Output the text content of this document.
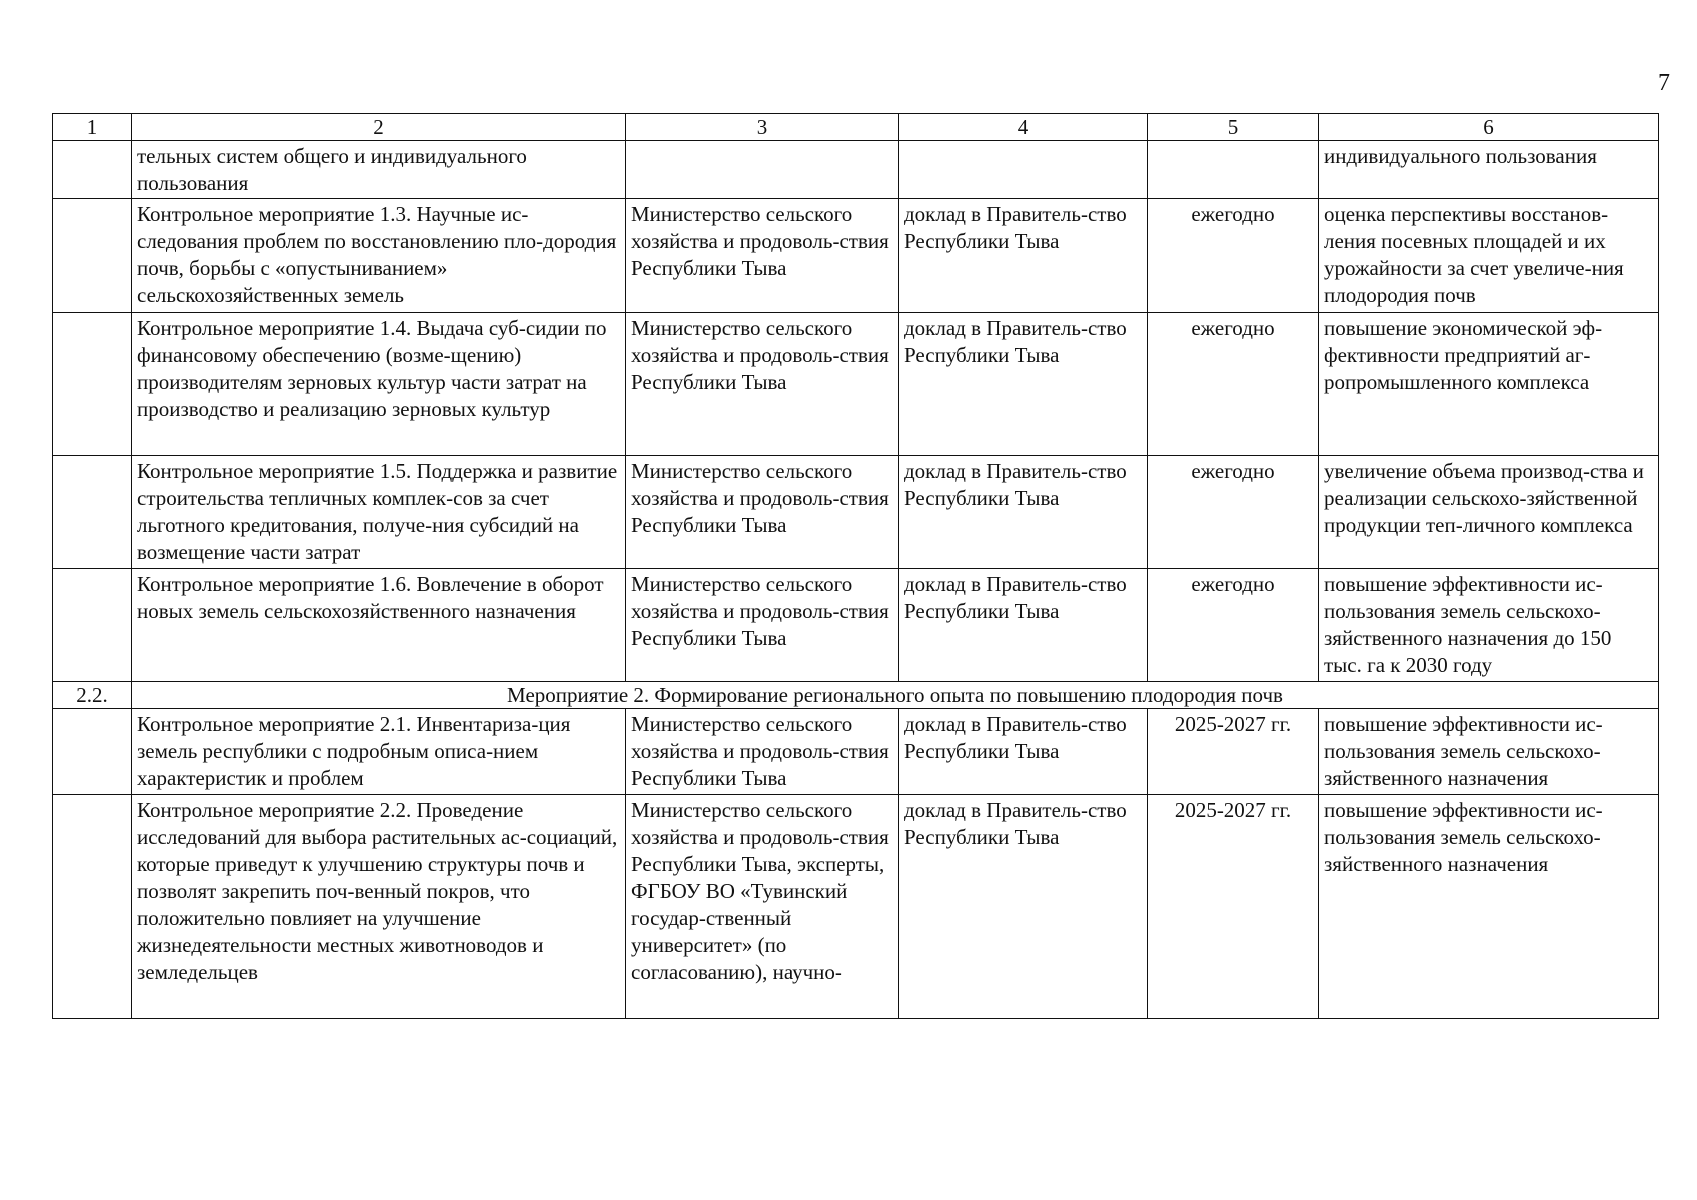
7
1	2	3	4	5	6
	тельных систем общего и индивидуального пользования				индивидуального пользования
	Контрольное мероприятие 1.3. Научные ис-следования проблем по восстановлению пло-дородия почв, борьбы с «опустыниванием» сельскохозяйственных земель	Министерство сельского хозяйства и продоволь-ствия Республики Тыва	доклад в Правитель-ство Республики Тыва	ежегодно	оценка перспективы восстанов-ления посевных площадей и их урожайности за счет увеличе-ния плодородия почв
	Контрольное мероприятие 1.4. Выдача суб-сидии по финансовому обеспечению (возме-щению) производителям зерновых культур части затрат на производство и реализацию зерновых культур	Министерство сельского хозяйства и продоволь-ствия Республики Тыва	доклад в Правитель-ство Республики Тыва	ежегодно	повышение экономической эф-фективности предприятий аг-ропромышленного комплекса
	Контрольное мероприятие 1.5. Поддержка и развитие строительства тепличных комплек-сов за счет льготного кредитования, получе-ния субсидий на возмещение части затрат	Министерство сельского хозяйства и продоволь-ствия Республики Тыва	доклад в Правитель-ство Республики Тыва	ежегодно	увеличение объема производ-ства и реализации сельскохо-зяйственной продукции теп-личного комплекса
	Контрольное мероприятие 1.6. Вовлечение в оборот новых земель сельскохозяйственного назначения	Министерство сельского хозяйства и продоволь-ствия Республики Тыва	доклад в Правитель-ство Республики Тыва	ежегодно	повышение эффективности ис-пользования земель сельскохо-зяйственного назначения до 150 тыс. га к 2030 году
2.2.	Мероприятие 2. Формирование регионального опыта по повышению плодородия почв				
	Контрольное мероприятие 2.1. Инвентариза-ция земель республики с подробным описа-нием характеристик и проблем	Министерство сельского хозяйства и продоволь-ствия Республики Тыва	доклад в Правитель-ство Республики Тыва	2025-2027 гг.	повышение эффективности ис-пользования земель сельскохо-зяйственного назначения
	Контрольное мероприятие 2.2. Проведение исследований для выбора растительных ас-социаций, которые приведут к улучшению структуры почв и позволят закрепить поч-венный покров, что положительно повлияет на улучшение жизнедеятельности местных животноводов и земледельцев	Министерство сельского хозяйства и продоволь-ствия Республики Тыва, эксперты, ФГБОУ ВО «Тувинский государ-ственный университет» (по согласованию), научно-	доклад в Правитель-ство Республики Тыва	2025-2027 гг.	повышение эффективности ис-пользования земель сельскохо-зяйственного назначения
